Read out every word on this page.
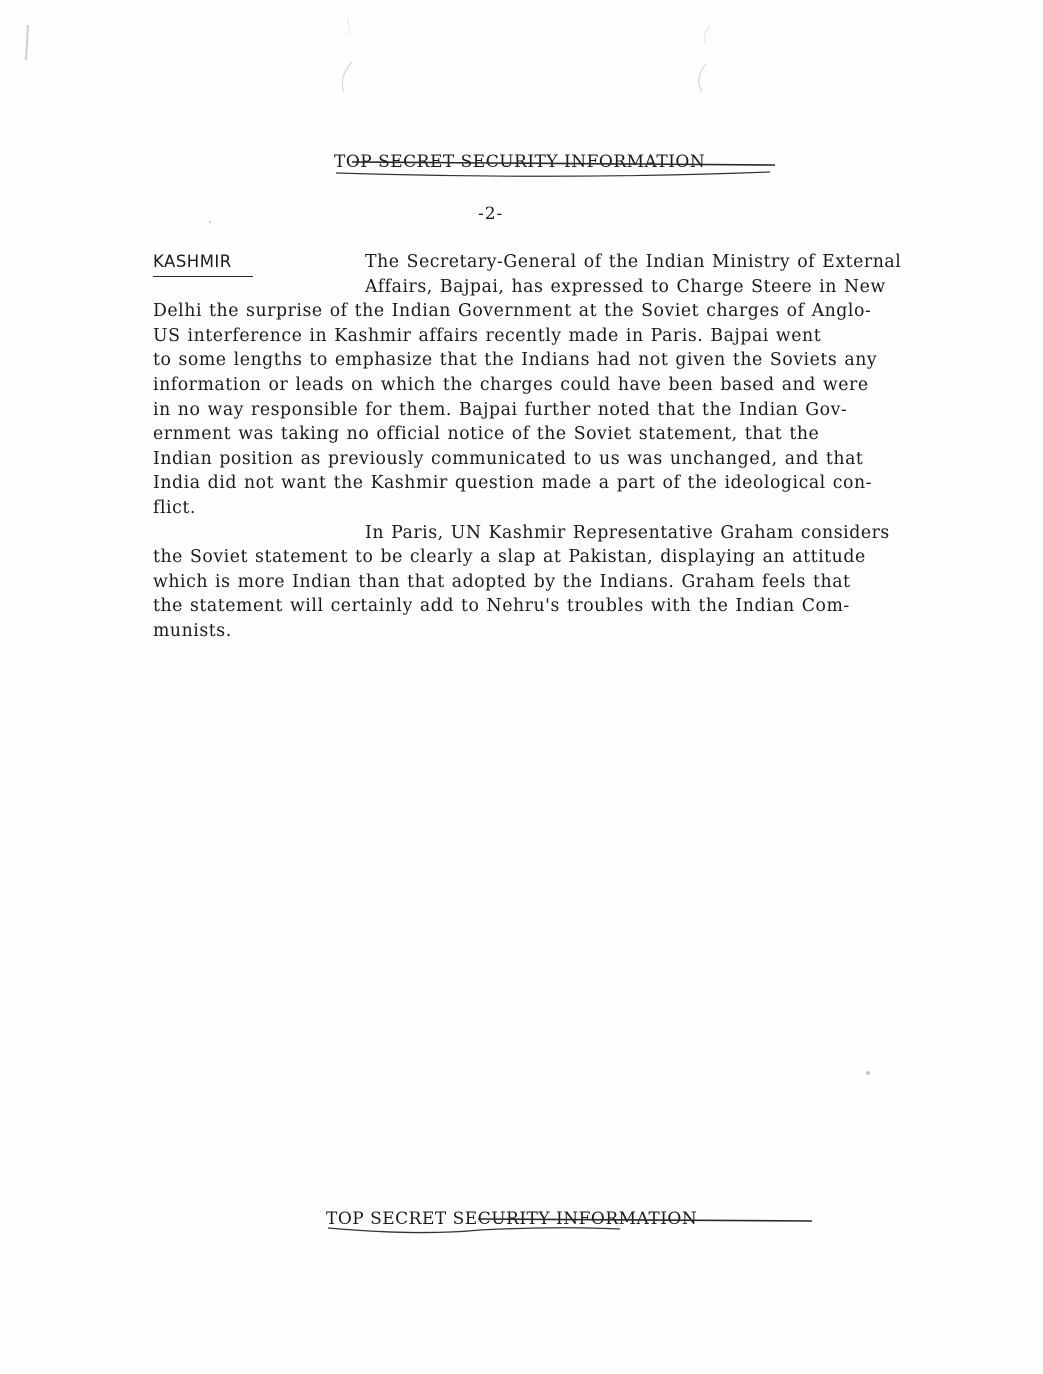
TOP SECRET SECURITY INFORMATION
-2-
KASHMIR	The Secretary-General of the Indian Ministry of External
Affairs, Bajpai, has expressed to Charge Steere in New
Delhi the surprise of the Indian Government at the Soviet charges of Anglo-
US interference in Kashmir affairs recently made in Paris. Bajpai went
to some lengths to emphasize that the Indians had not given the Soviets any
information or leads on which the charges could have been based and were
in no way responsible for them. Bajpai further noted that the Indian Gov-
ernment was taking no official notice of the Soviet statement, that the
Indian position as previously communicated to us was unchanged, and that
India did not want the Kashmir question made a part of the ideological con-
flict.
In Paris, UN Kashmir Representative Graham considers
the Soviet statement to be clearly a slap at Pakistan, displaying an attitude
which is more Indian than that adopted by the Indians. Graham feels that
the statement will certainly add to Nehru's troubles with the Indian Com-
munists.
TOP SECRET SECURITY INFORMATION
